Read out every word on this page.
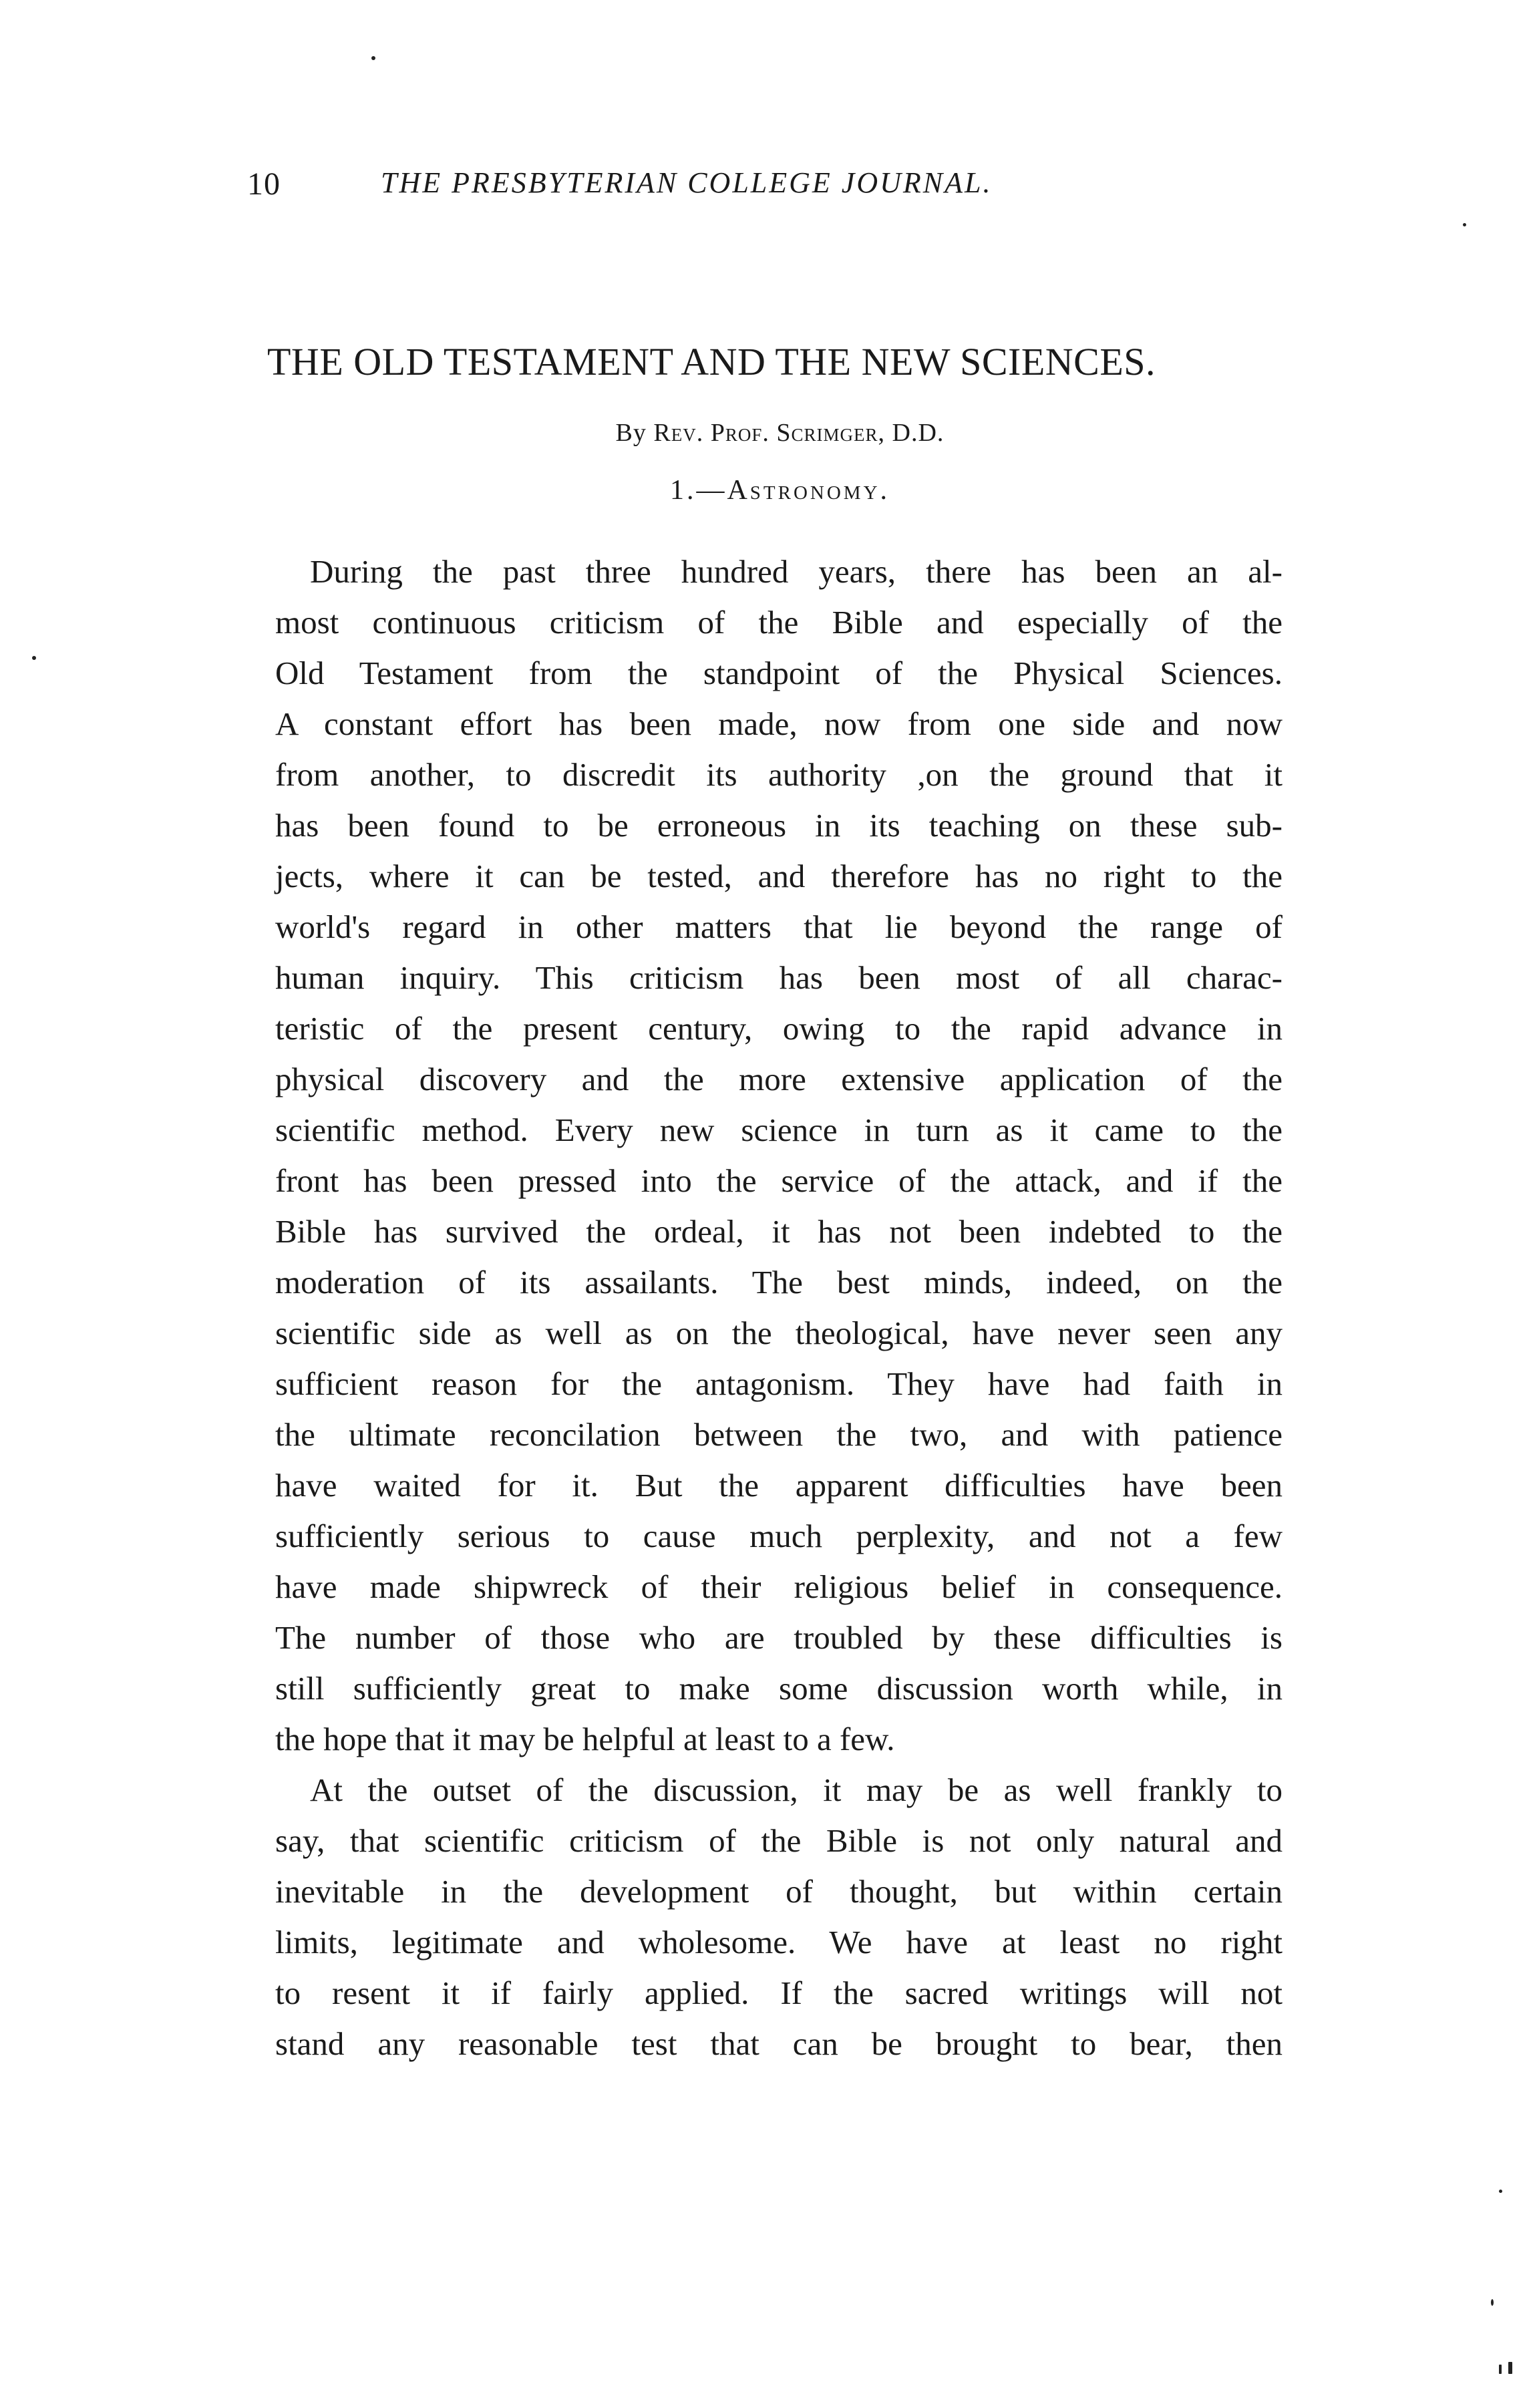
10	THE PRESBYTERIAN COLLEGE JOURNAL.
THE OLD TESTAMENT AND THE NEW SCIENCES.
By Rev. Prof. Scrimger, D.D.
1.—Astronomy.
During the past three hundred years, there has been an al-
most continuous criticism of the Bible and especially of the
Old Testament from the standpoint of the Physical Sciences.
A constant effort has been made, now from one side and now
from another, to discredit its authority ,on the ground that it
has been found to be erroneous in its teaching on these sub-
jects, where it can be tested, and therefore has no right to the
world's regard in other matters that lie beyond the range of
human inquiry. This criticism has been most of all charac-
teristic of the present century, owing to the rapid advance in
physical discovery and the more extensive application of the
scientific method. Every new science in turn as it came to the
front has been pressed into the service of the attack, and if the
Bible has survived the ordeal, it has not been indebted to the
moderation of its assailants. The best minds, indeed, on the
scientific side as well as on the theological, have never seen any
sufficient reason for the antagonism. They have had faith in
the ultimate reconcilation between the two, and with patience
have waited for it. But the apparent difficulties have been
sufficiently serious to cause much perplexity, and not a few
have made shipwreck of their religious belief in consequence.
The number of those who are troubled by these difficulties is
still sufficiently great to make some discussion worth while, in
the hope that it may be helpful at least to a few.
At the outset of the discussion, it may be as well frankly to
say, that scientific criticism of the Bible is not only natural and
inevitable in the development of thought, but within certain
limits, legitimate and wholesome. We have at least no right
to resent it if fairly applied. If the sacred writings will not
stand any reasonable test that can be brought to bear, then
